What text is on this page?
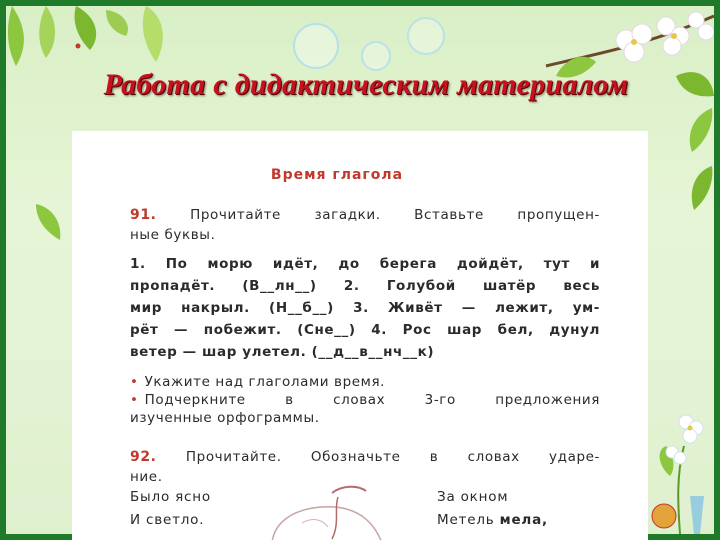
Работа с дидактическим материалом
Время глагола
91. Прочитайте загадки. Вставьте пропущен-
ные буквы.
1. По морю идёт, до берега дойдёт, тут и
пропадёт. (В__лн__) 2. Голубой шатёр весь
мир накрыл. (Н__б__) 3. Живёт — лежит, ум-
рёт — побежит. (Сне__) 4. Рос шар бел, дунул
ветер — шар улетел. (__д__в__нч__к)
• Укажите над глаголами время.
• Подчеркните в словах 3-го предложения
изученные орфограммы.
92. Прочитайте. Обозначьте в словах ударе-
ние.
Было ясно
И светло.
За окном
Метель мела,
